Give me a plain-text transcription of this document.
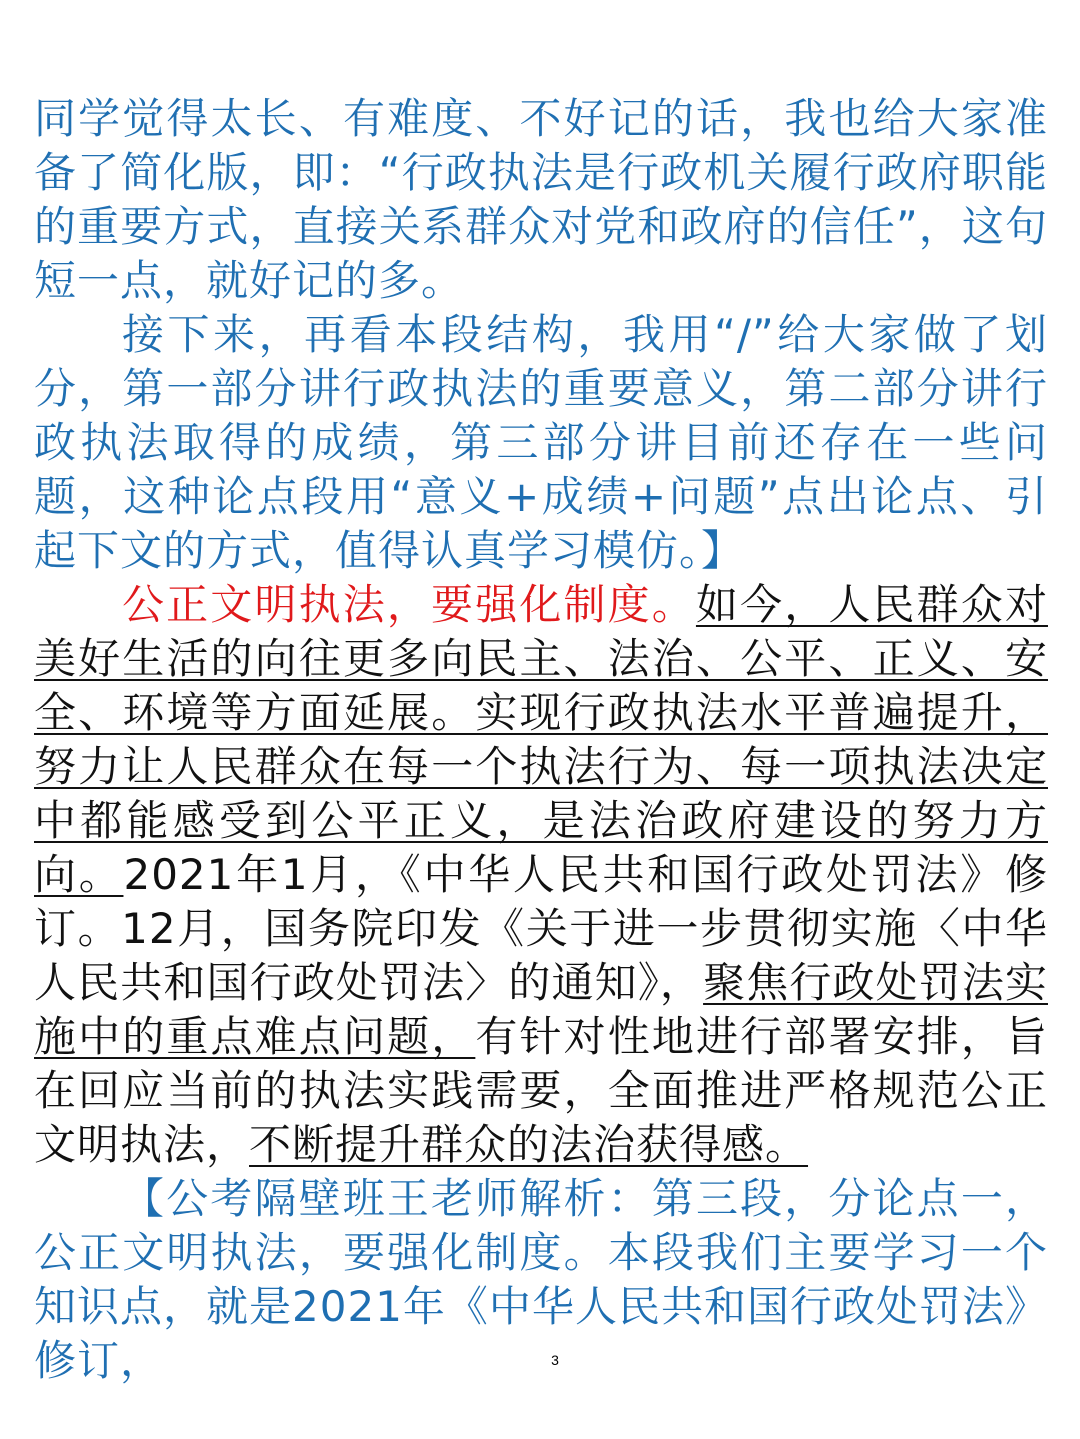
同学觉得太长、有难度、不好记的话，我也给大家准备了简化版，即：“行政执法是行政机关履行政府职能的重要方式，直接关系群众对党和政府的信任”，这句短一点，就好记的多。

接下来，再看本段结构，我用“/”给大家做了划分，第一部分讲行政执法的重要意义，第二部分讲行政执法取得的成绩，第三部分讲目前还存在一些问题，这种论点段用“意义+成绩+问题”点出论点、引起下文的方式，值得认真学习模仿。】

公正文明执法，要强化制度。如今，人民群众对美好生活的向往更多向民主、法治、公平、正义、安全、环境等方面延展。实现行政执法水平普遍提升，努力让人民群众在每一个执法行为、每一项执法决定中都能感受到公平正义，是法治政府建设的努力方向。2021年1月，《中华人民共和国行政处罚法》修订。12月，国务院印发《关于进一步贯彻实施〈中华人民共和国行政处罚法〉的通知》，聚焦行政处罚法实施中的重点难点问题，有针对性地进行部署安排，旨在回应当前的执法实践需要，全面推进严格规范公正文明执法，不断提升群众的法治获得感。

【公考隔壁班王老师解析：第三段，分论点一，公正文明执法，要强化制度。本段我们主要学习一个知识点，就是2021年《中华人民共和国行政处罚法》修订，	3
